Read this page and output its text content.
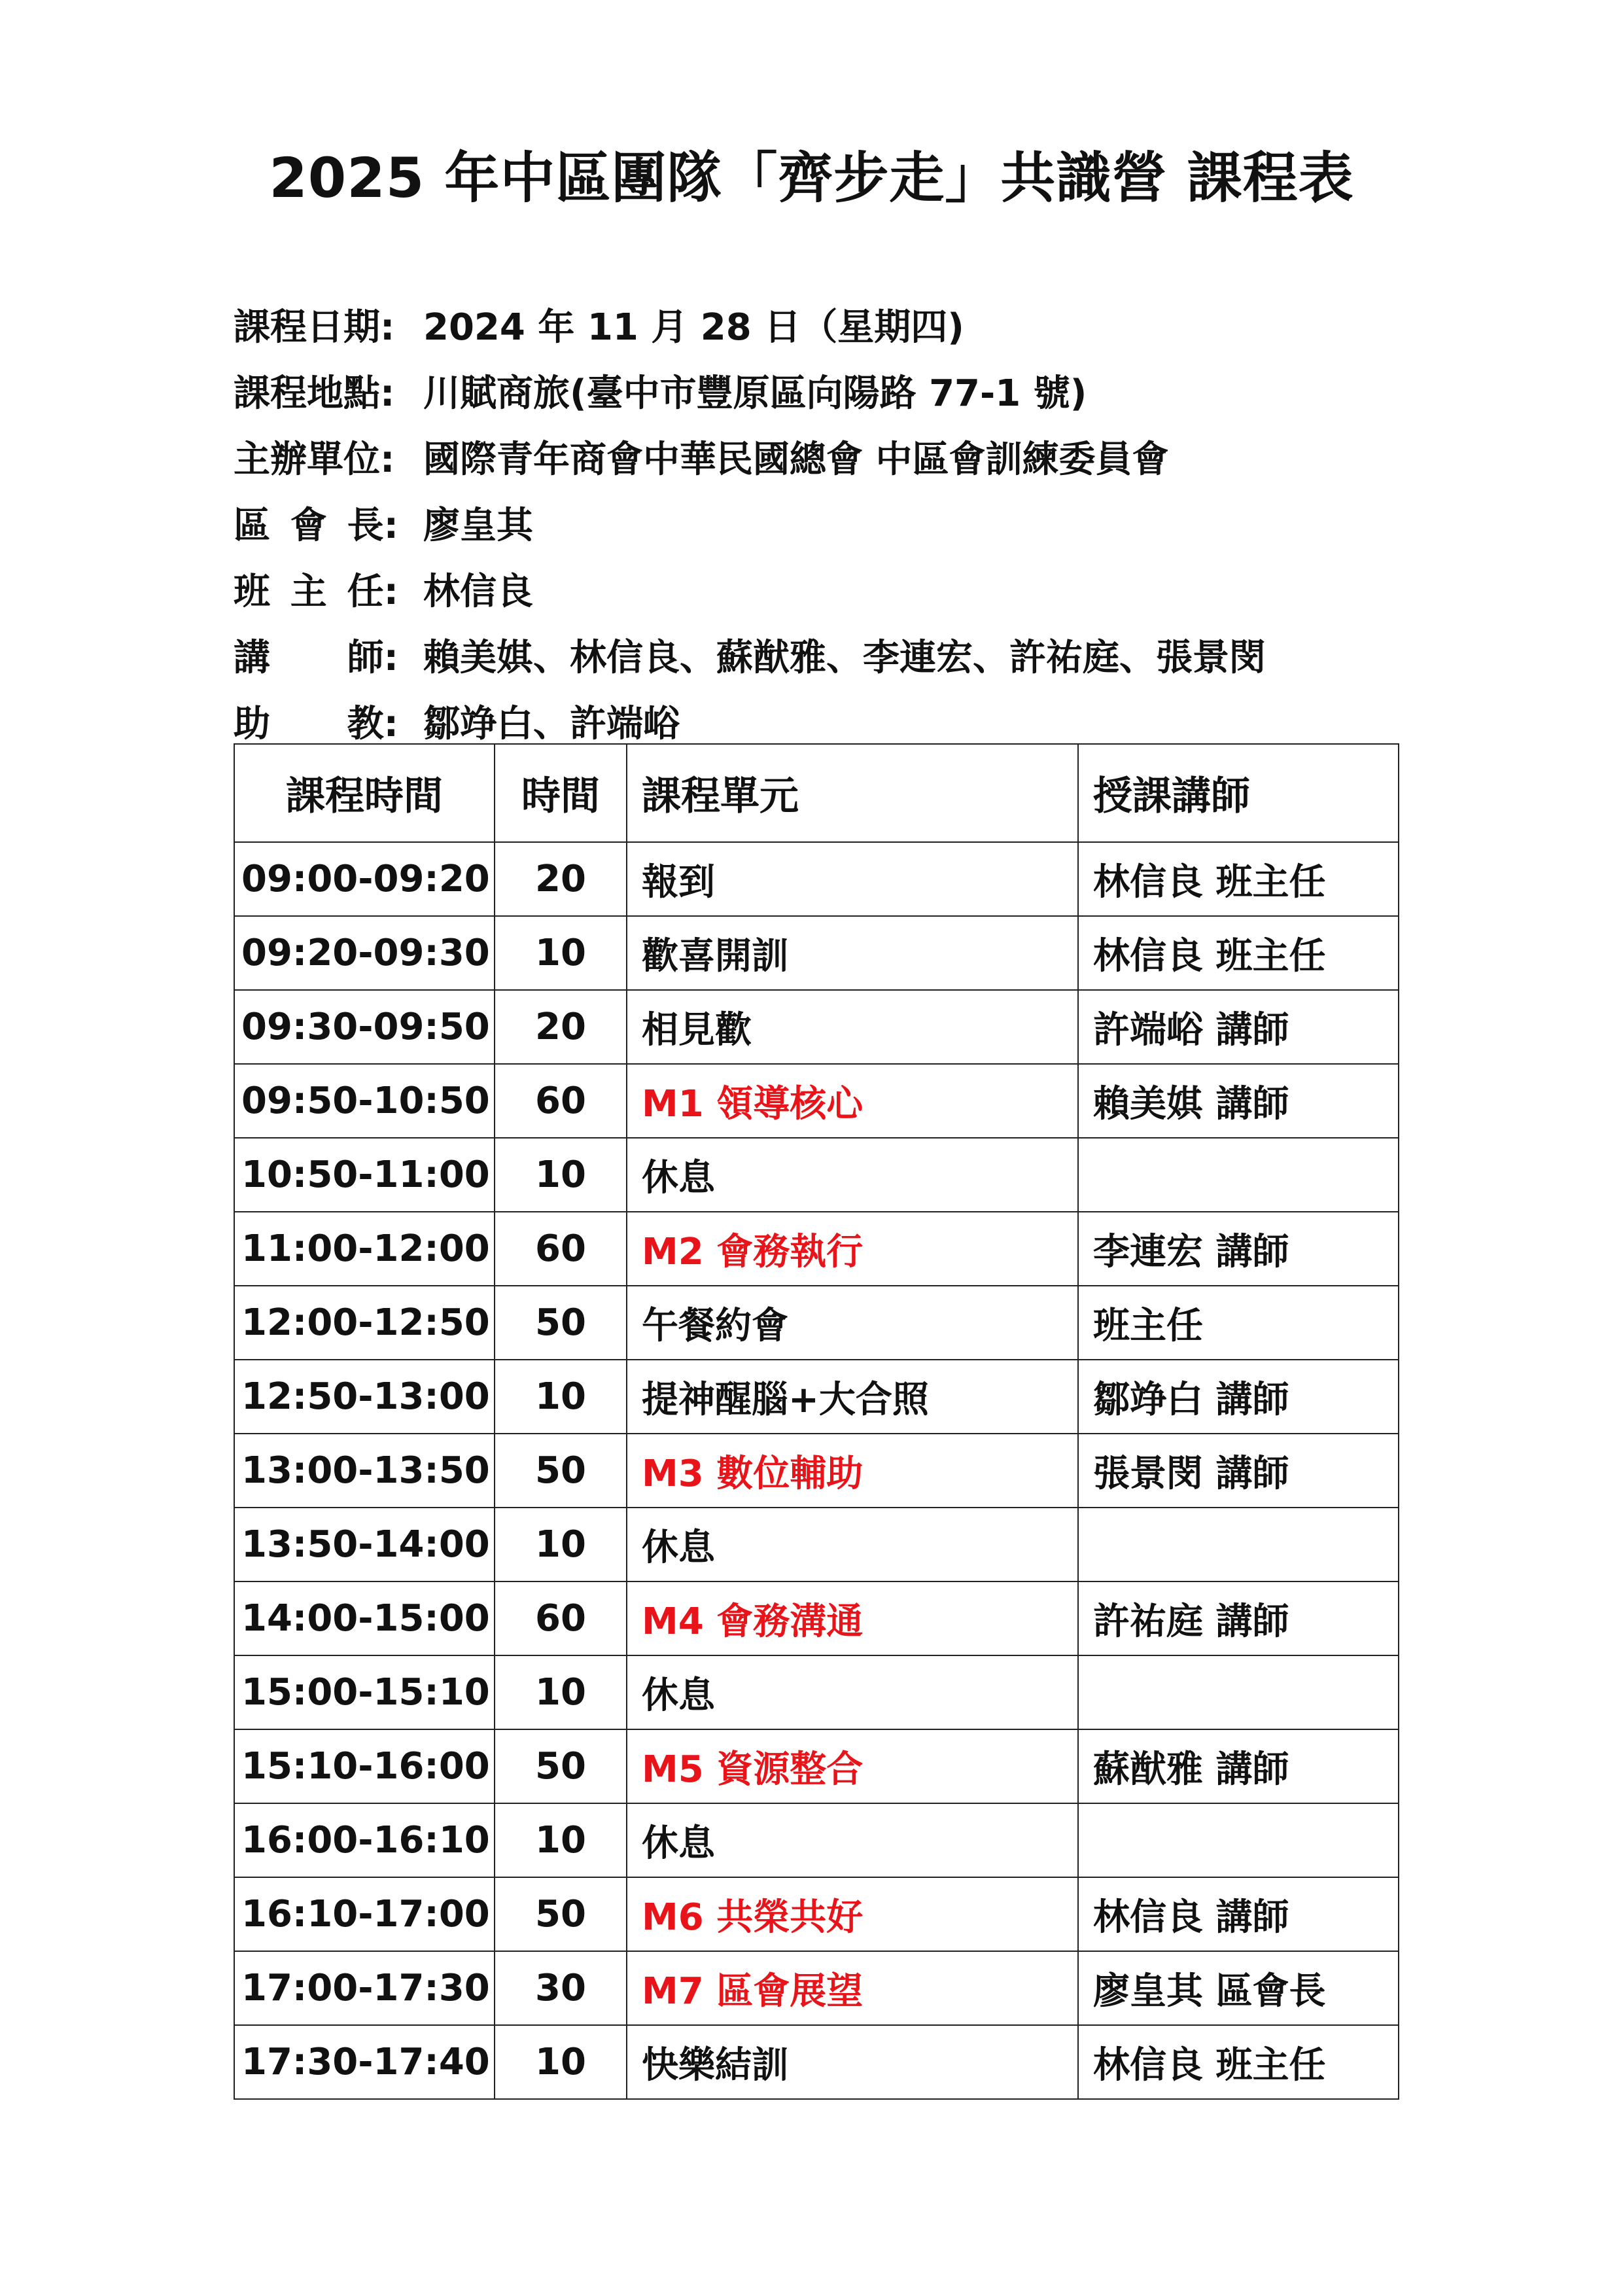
2025 年中區團隊「齊步走」共識營 課程表
課程日期: 2024 年 11 月 28 日（星期四)
課程地點: 川賦商旅(臺中市豐原區向陽路 77-1 號)
主辦單位: 國際青年商會中華民國總會 中區會訓練委員會
區 會 長: 廖皇其
班 主 任: 林信良
講 師: 賴美娸、林信良、蘇猷雅、李連宏、許祐庭、張景閔
助 教: 鄒竫白、許端峪
課程時間	時間	課程單元	授課講師
09:00-09:20	20	報到	林信良 班主任
09:20-09:30	10	歡喜開訓	林信良 班主任
09:30-09:50	20	相見歡	許端峪 講師
09:50-10:50	60	M1 領導核心	賴美娸 講師
10:50-11:00	10	休息	
11:00-12:00	60	M2 會務執行	李連宏 講師
12:00-12:50	50	午餐約會	班主任
12:50-13:00	10	提神醒腦+大合照	鄒竫白 講師
13:00-13:50	50	M3 數位輔助	張景閔 講師
13:50-14:00	10	休息	
14:00-15:00	60	M4 會務溝通	許祐庭 講師
15:00-15:10	10	休息	
15:10-16:00	50	M5 資源整合	蘇猷雅 講師
16:00-16:10	10	休息	
16:10-17:00	50	M6 共榮共好	林信良 講師
17:00-17:30	30	M7 區會展望	廖皇其 區會長
17:30-17:40	10	快樂結訓	林信良 班主任
